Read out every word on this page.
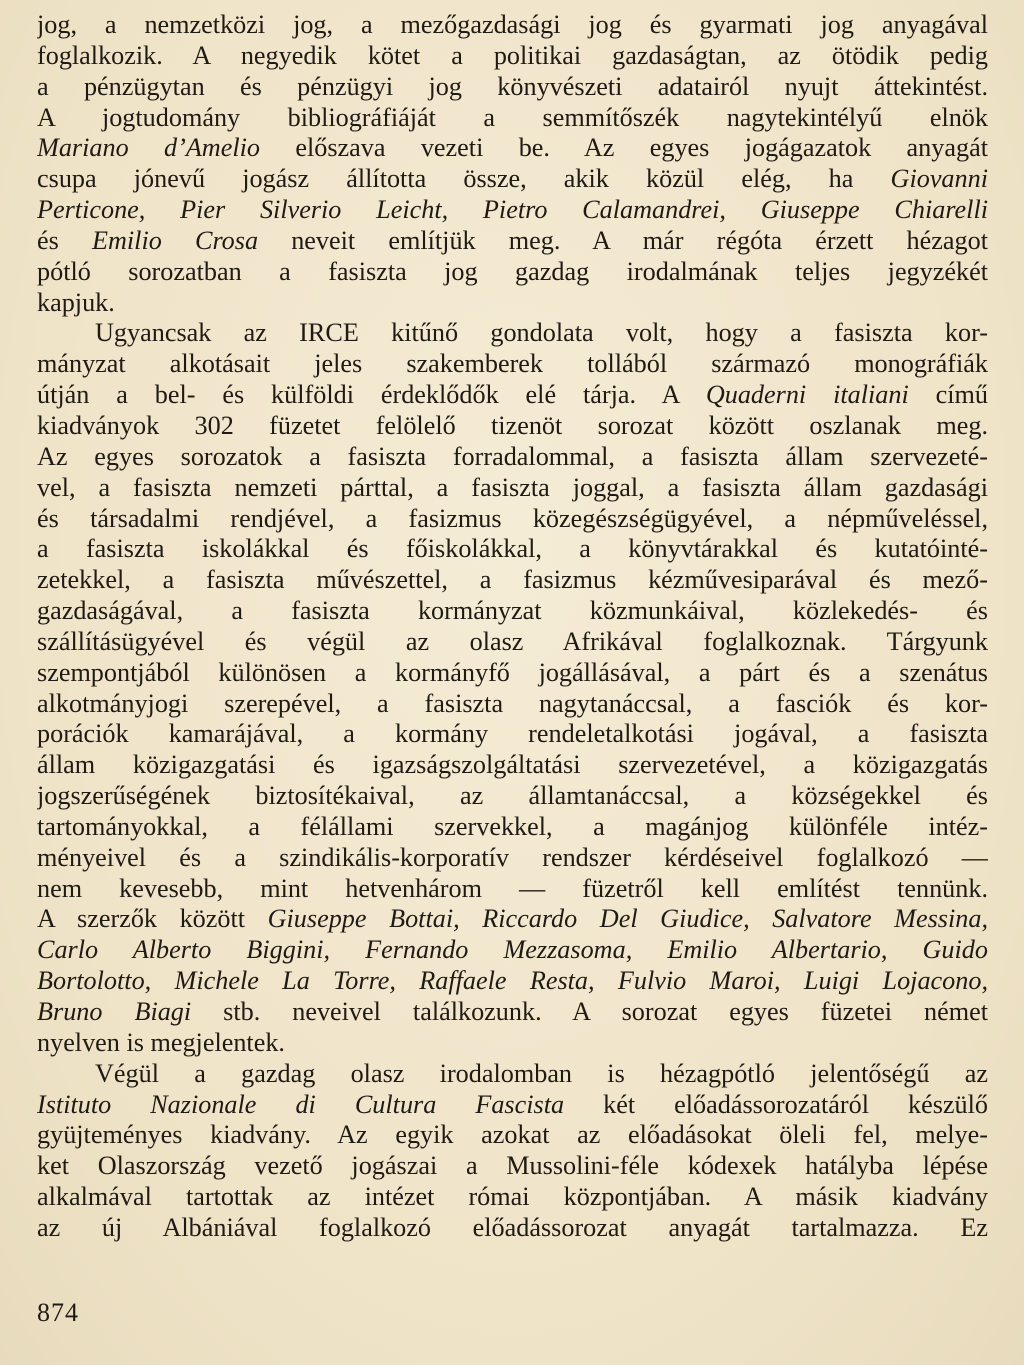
jog, a nemzetközi jog, a mezőgazdasági jog és gyarmati jog anyagával
foglalkozik. A negyedik kötet a politikai gazdaságtan, az ötödik pedig
a pénzügytan és pénzügyi jog könyvészeti adatairól nyujt áttekintést.
A jogtudomány bibliográfiáját a semmítőszék nagytekintélyű elnök
Mariano d’Amelio előszava vezeti be. Az egyes jogágazatok anyagát
csupa jónevű jogász állította össze, akik közül elég, ha Giovanni
Perticone, Pier Silverio Leicht, Pietro Calamandrei, Giuseppe Chiarelli
és Emilio Crosa neveit említjük meg. A már régóta érzett hézagot
pótló sorozatban a fasiszta jog gazdag irodalmának teljes jegyzékét
kapjuk.
Ugyancsak az IRCE kitűnő gondolata volt, hogy a fasiszta kor-
mányzat alkotásait jeles szakemberek tollából származó monográfiák
útján a bel- és külföldi érdeklődők elé tárja. A Quaderni italiani című
kiadványok 302 füzetet felölelő tizenöt sorozat között oszlanak meg.
Az egyes sorozatok a fasiszta forradalommal, a fasiszta állam szervezeté-
vel, a fasiszta nemzeti párttal, a fasiszta joggal, a fasiszta állam gazdasági
és társadalmi rendjével, a fasizmus közegészségügyével, a népműveléssel,
a fasiszta iskolákkal és főiskolákkal, a könyvtárakkal és kutatóinté-
zetekkel, a fasiszta művészettel, a fasizmus kézművesiparával és mező-
gazdaságával, a fasiszta kormányzat közmunkáival, közlekedés- és
szállításügyével és végül az olasz Afrikával foglalkoznak. Tárgyunk
szempontjából különösen a kormányfő jogállásával, a párt és a szenátus
alkotmányjogi szerepével, a fasiszta nagytanáccsal, a fasciók és kor-
porációk kamarájával, a kormány rendeletalkotási jogával, a fasiszta
állam közigazgatási és igazságszolgáltatási szervezetével, a közigazgatás
jogszerűségének biztosítékaival, az államtanáccsal, a községekkel és
tartományokkal, a félállami szervekkel, a magánjog különféle intéz-
ményeivel és a szindikális-korporatív rendszer kérdéseivel foglalkozó —
nem kevesebb, mint hetvenhárom — füzetről kell említést tennünk.
A szerzők között Giuseppe Bottai, Riccardo Del Giudice, Salvatore Messina,
Carlo Alberto Biggini, Fernando Mezzasoma, Emilio Albertario, Guido
Bortolotto, Michele La Torre, Raffaele Resta, Fulvio Maroi, Luigi Lojacono,
Bruno Biagi stb. neveivel találkozunk. A sorozat egyes füzetei német
nyelven is megjelentek.
Végül a gazdag olasz irodalomban is hézagpótló jelentőségű az
Istituto Nazionale di Cultura Fascista két előadássorozatáról készülő
gyüjteményes kiadvány. Az egyik azokat az előadásokat öleli fel, melye-
ket Olaszország vezető jogászai a Mussolini-féle kódexek hatályba lépése
alkalmával tartottak az intézet római központjában. A másik kiadvány
az új Albániával foglalkozó előadássorozat anyagát tartalmazza. Ez
874
